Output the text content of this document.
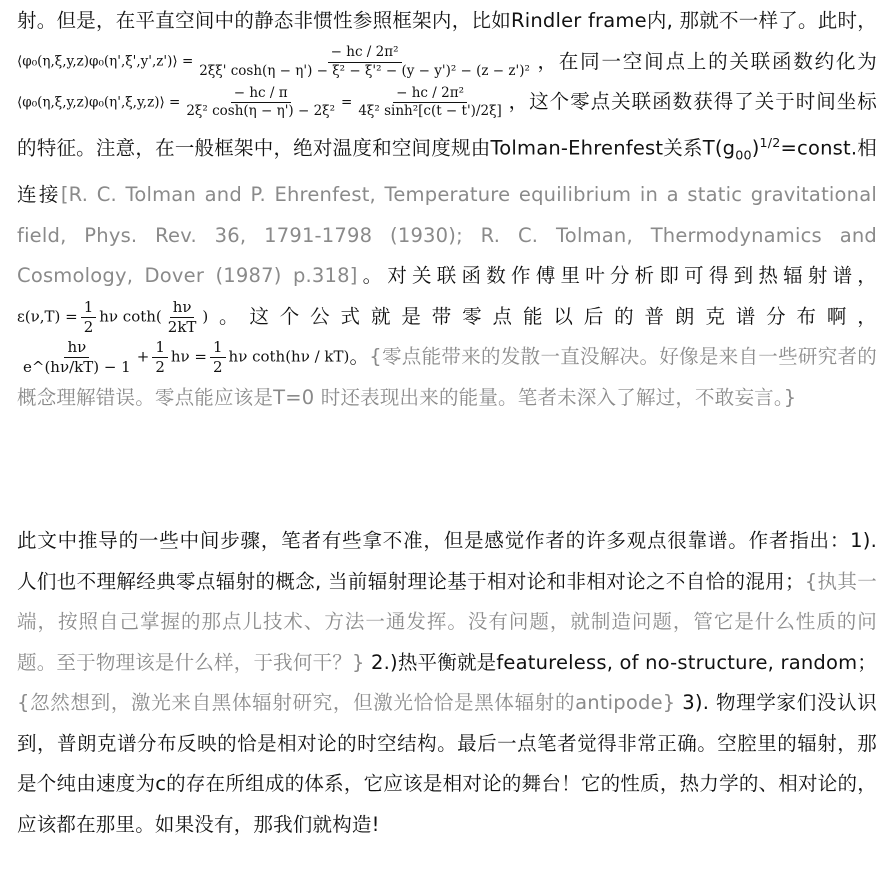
射。但是，在平直空间中的静态非惯性参照框架内，比如Rindler frame内, 那就不一样了。此时，⟨φ₀(η,ξ,y,z)φ₀(η',ξ',y',z')⟩ = $\frac{\text{− hc / 2π²}}{\text{2ξξ' cosh(η − η') − ξ² − ξ'² − (y − y')² − (z − z')²}}$ ，在同一空间点上的关联函数约化为⟨φ₀(η,ξ,y,z)φ₀(η',ξ,y,z)⟩ = $\frac{- hc / \pi}{\text{2ξ² cosh(η − η') − 2ξ²}} = \frac{\text{− hc / 2π²}}{\text{4ξ² sinh²[c(t − t')/2ξ]}}$ ，这个零点关联函数获得了关于时间坐标的特征。注意，在一般框架中，绝对温度和空间度规由Tolman-Ehrenfest关系$T(g_{00})^{1/2}=const$.相连接[R. C. Tolman and P. Ehrenfest, Temperature equilibrium in a static gravitational field, Phys. Rev. 36, 1791-1798 (1930); R. C. Tolman, Thermodynamics and Cosmology, Dover (1987) p.318]。对关联函数作傅里叶分析即可得到热辐射谱，$\varepsilon(\nu,T) = \frac{1}{2}$ hν $\cot h( \frac{h\nu}{2kT}$ )。这个公式就是带零点能以后的普朗克谱分布啊，
$\frac{h\nu}{e\^{}(h\nu/kT) - 1} + \frac{1}{2}$ $h\nu = \frac{1}{2}$ hν coth(hν / kT)。{零点能带来的发散一直没解决。好像是来自一些研究者的概念理解错误。零点能应该是T=0 时还表现出来的能量。笔者未深入了解过，不敢妄言。}
此文中推导的一些中间步骤，笔者有些拿不准，但是感觉作者的许多观点很靠谱。作者指出：1). 人们也不理解经典零点辐射的概念, 当前辐射理论基于相对论和非相对论之不自恰的混用；{执其一端，按照自己掌握的那点儿技术、方法一通发挥。没有问题，就制造问题，管它是什么性质的问题。至于物理该是什么样，于我何干？} 2.)热平衡就是featureless, of no-structure, random；{忽然想到，激光来自黑体辐射研究，但激光恰恰是黑体辐射的antipode} 3). 物理学家们没认识到，普朗克谱分布反映的恰是相对论的时空结构。最后一点笔者觉得非常正确。空腔里的辐射，那是个纯由速度为c的存在所组成的体系，它应该是相对论的舞台！它的性质，热力学的、相对论的，应该都在那里。如果没有，那我们就构造!
